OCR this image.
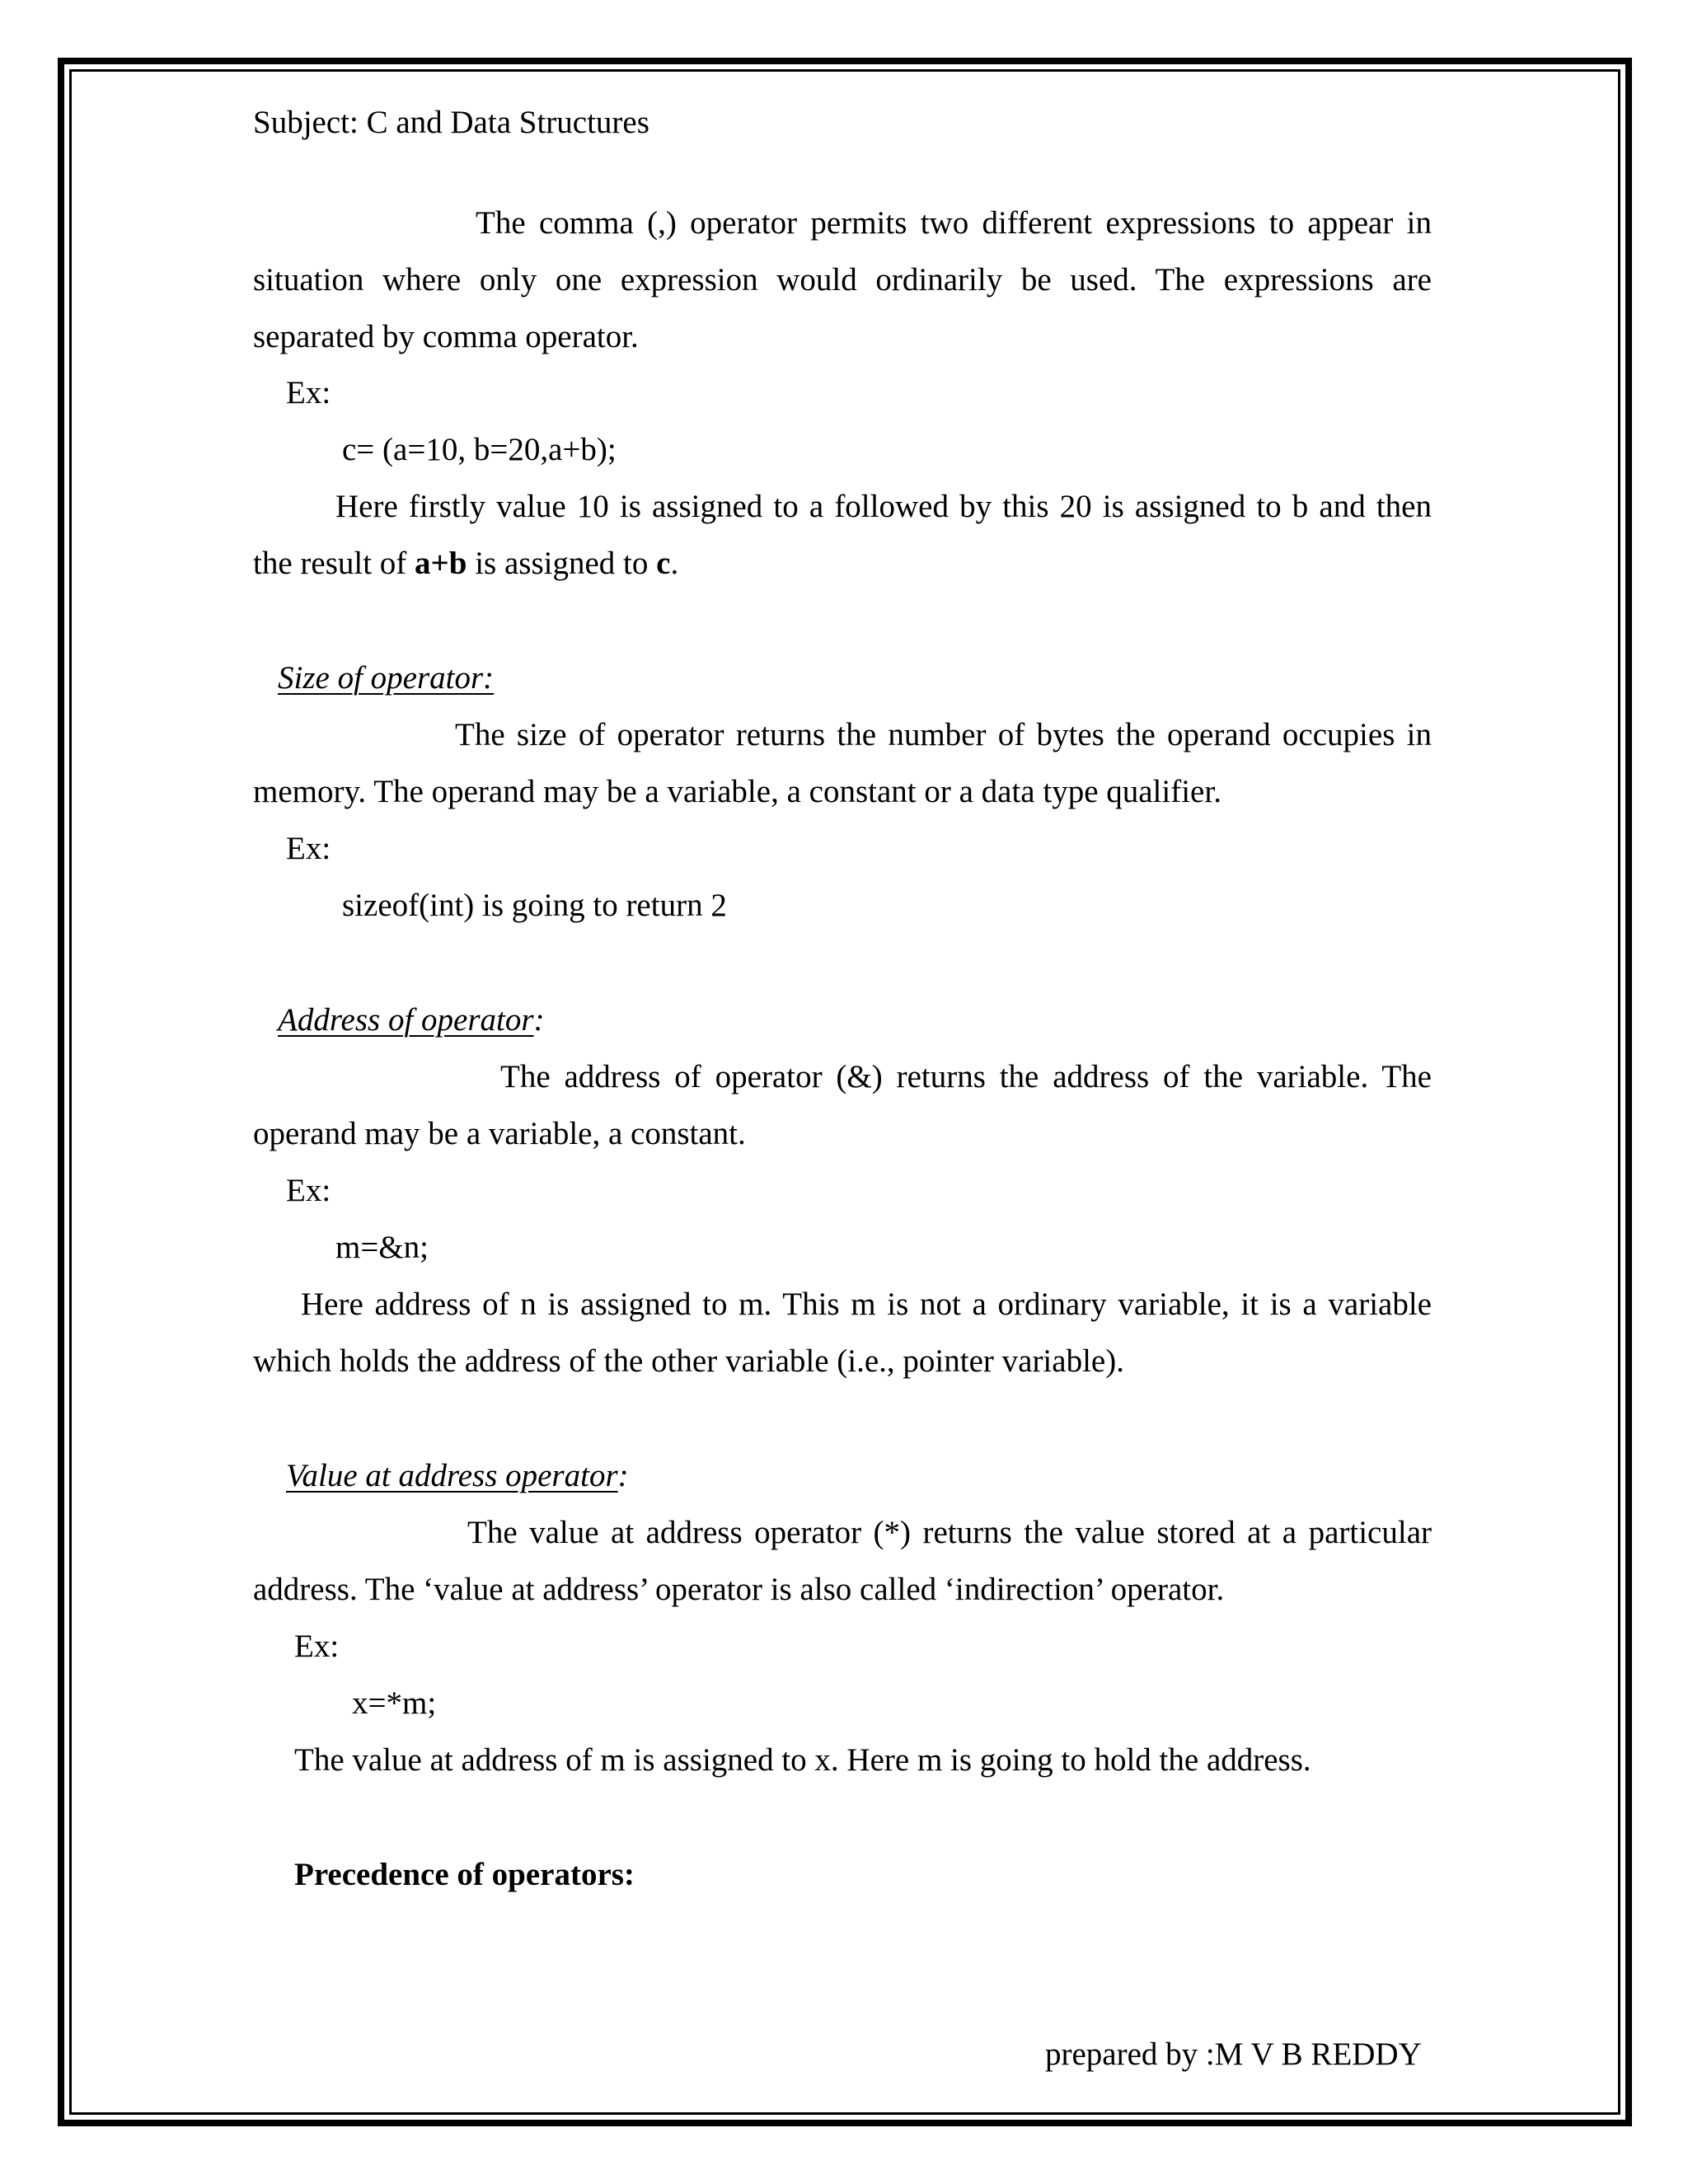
Subject: C and Data Structures
The comma (,) operator permits two different expressions to appear in situation where only one expression would ordinarily be used. The expressions are separated by comma operator.
Ex:
c= (a=10, b=20,a+b);
Here firstly value 10 is assigned to a followed by this 20 is assigned to b and then
the result of a+b is assigned to c.
Size of operator:
The size of operator returns the number of bytes the operand occupies in memory. The operand may be a variable, a constant or a data type qualifier.
Ex:
sizeof(int) is going to return 2
Address of operator:
The address of operator (&) returns the address of the variable. The operand may be a variable, a constant.
Ex:
m=&n;
Here address of n is assigned to m. This m is not a ordinary variable, it is a variable which holds the address of the other variable (i.e., pointer variable).
Value at address operator:
The value at address operator (*) returns the value stored at a particular address. The ‘value at address’ operator is also called ‘indirection’ operator.
Ex:
x=*m;
The value at address of m is assigned to x. Here m is going to hold the address.
Precedence of operators:
prepared by :M V B REDDY
